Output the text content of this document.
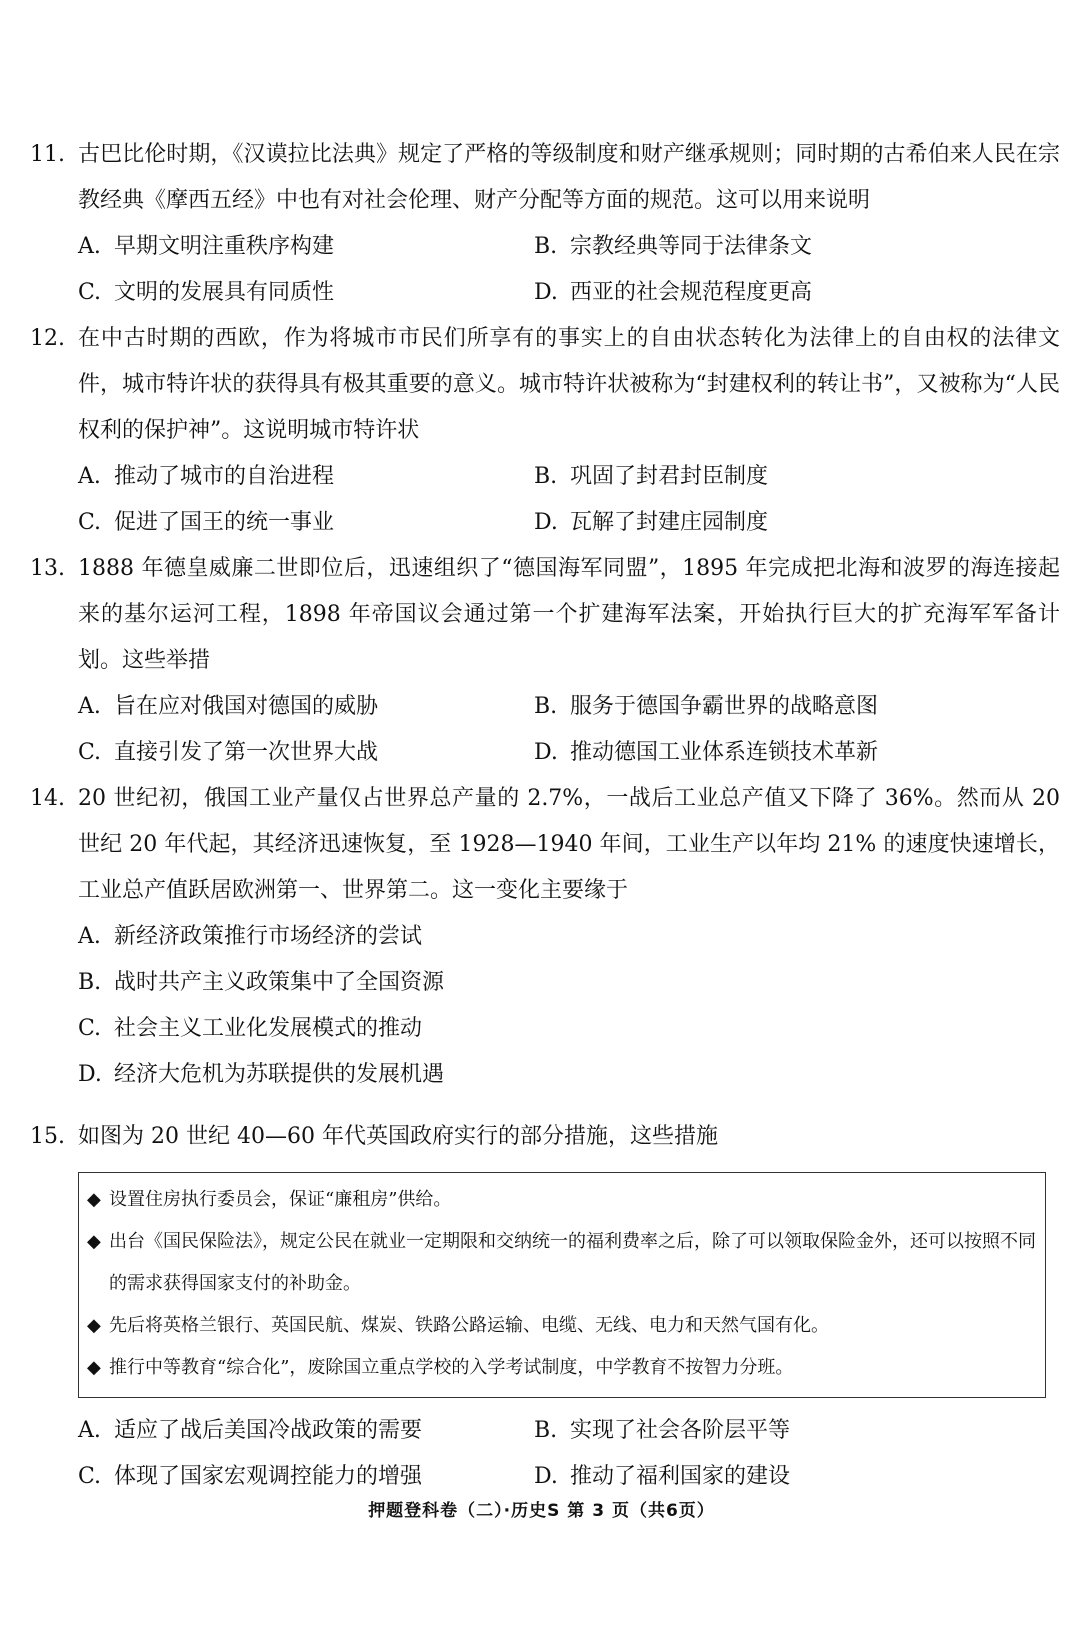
11. 古巴比伦时期，《汉谟拉比法典》规定了严格的等级制度和财产继承规则；同时期的古希伯来人民在宗教经典《摩西五经》中也有对社会伦理、财产分配等方面的规范。这可以用来说明
A. 早期文明注重秩序构建	B. 宗教经典等同于法律条文
C. 文明的发展具有同质性	D. 西亚的社会规范程度更高
12. 在中古时期的西欧，作为将城市市民们所享有的事实上的自由状态转化为法律上的自由权的法律文件，城市特许状的获得具有极其重要的意义。城市特许状被称为“封建权利的转让书”，又被称为“人民权利的保护神”。这说明城市特许状
A. 推动了城市的自治进程	B. 巩固了封君封臣制度
C. 促进了国王的统一事业	D. 瓦解了封建庄园制度
13. 1888 年德皇威廉二世即位后，迅速组织了“德国海军同盟”，1895 年完成把北海和波罗的海连接起来的基尔运河工程，1898 年帝国议会通过第一个扩建海军法案，开始执行巨大的扩充海军军备计划。这些举措
A. 旨在应对俄国对德国的威胁	B. 服务于德国争霸世界的战略意图
C. 直接引发了第一次世界大战	D. 推动德国工业体系连锁技术革新
14. 20 世纪初，俄国工业产量仅占世界总产量的 2.7%，一战后工业总产值又下降了 36%。然而从 20 世纪 20 年代起，其经济迅速恢复，至 1928—1940 年间，工业生产以年均 21% 的速度快速增长，工业总产值跃居欧洲第一、世界第二。这一变化主要缘于
A. 新经济政策推行市场经济的尝试
B. 战时共产主义政策集中了全国资源
C. 社会主义工业化发展模式的推动
D. 经济大危机为苏联提供的发展机遇
15. 如图为 20 世纪 40—60 年代英国政府实行的部分措施，这些措施
◆ 设置住房执行委员会，保证“廉租房”供给。
◆ 出台《国民保险法》，规定公民在就业一定期限和交纳统一的福利费率之后，除了可以领取保险金外，还可以按照不同的需求获得国家支付的补助金。
◆ 先后将英格兰银行、英国民航、煤炭、铁路公路运输、电缆、无线、电力和天然气国有化。
◆ 推行中等教育“综合化”，废除国立重点学校的入学考试制度，中学教育不按智力分班。
A. 适应了战后美国冷战政策的需要	B. 实现了社会各阶层平等
C. 体现了国家宏观调控能力的增强	D. 推动了福利国家的建设
押题登科卷（二）·历史S 第 3 页（共6页）
